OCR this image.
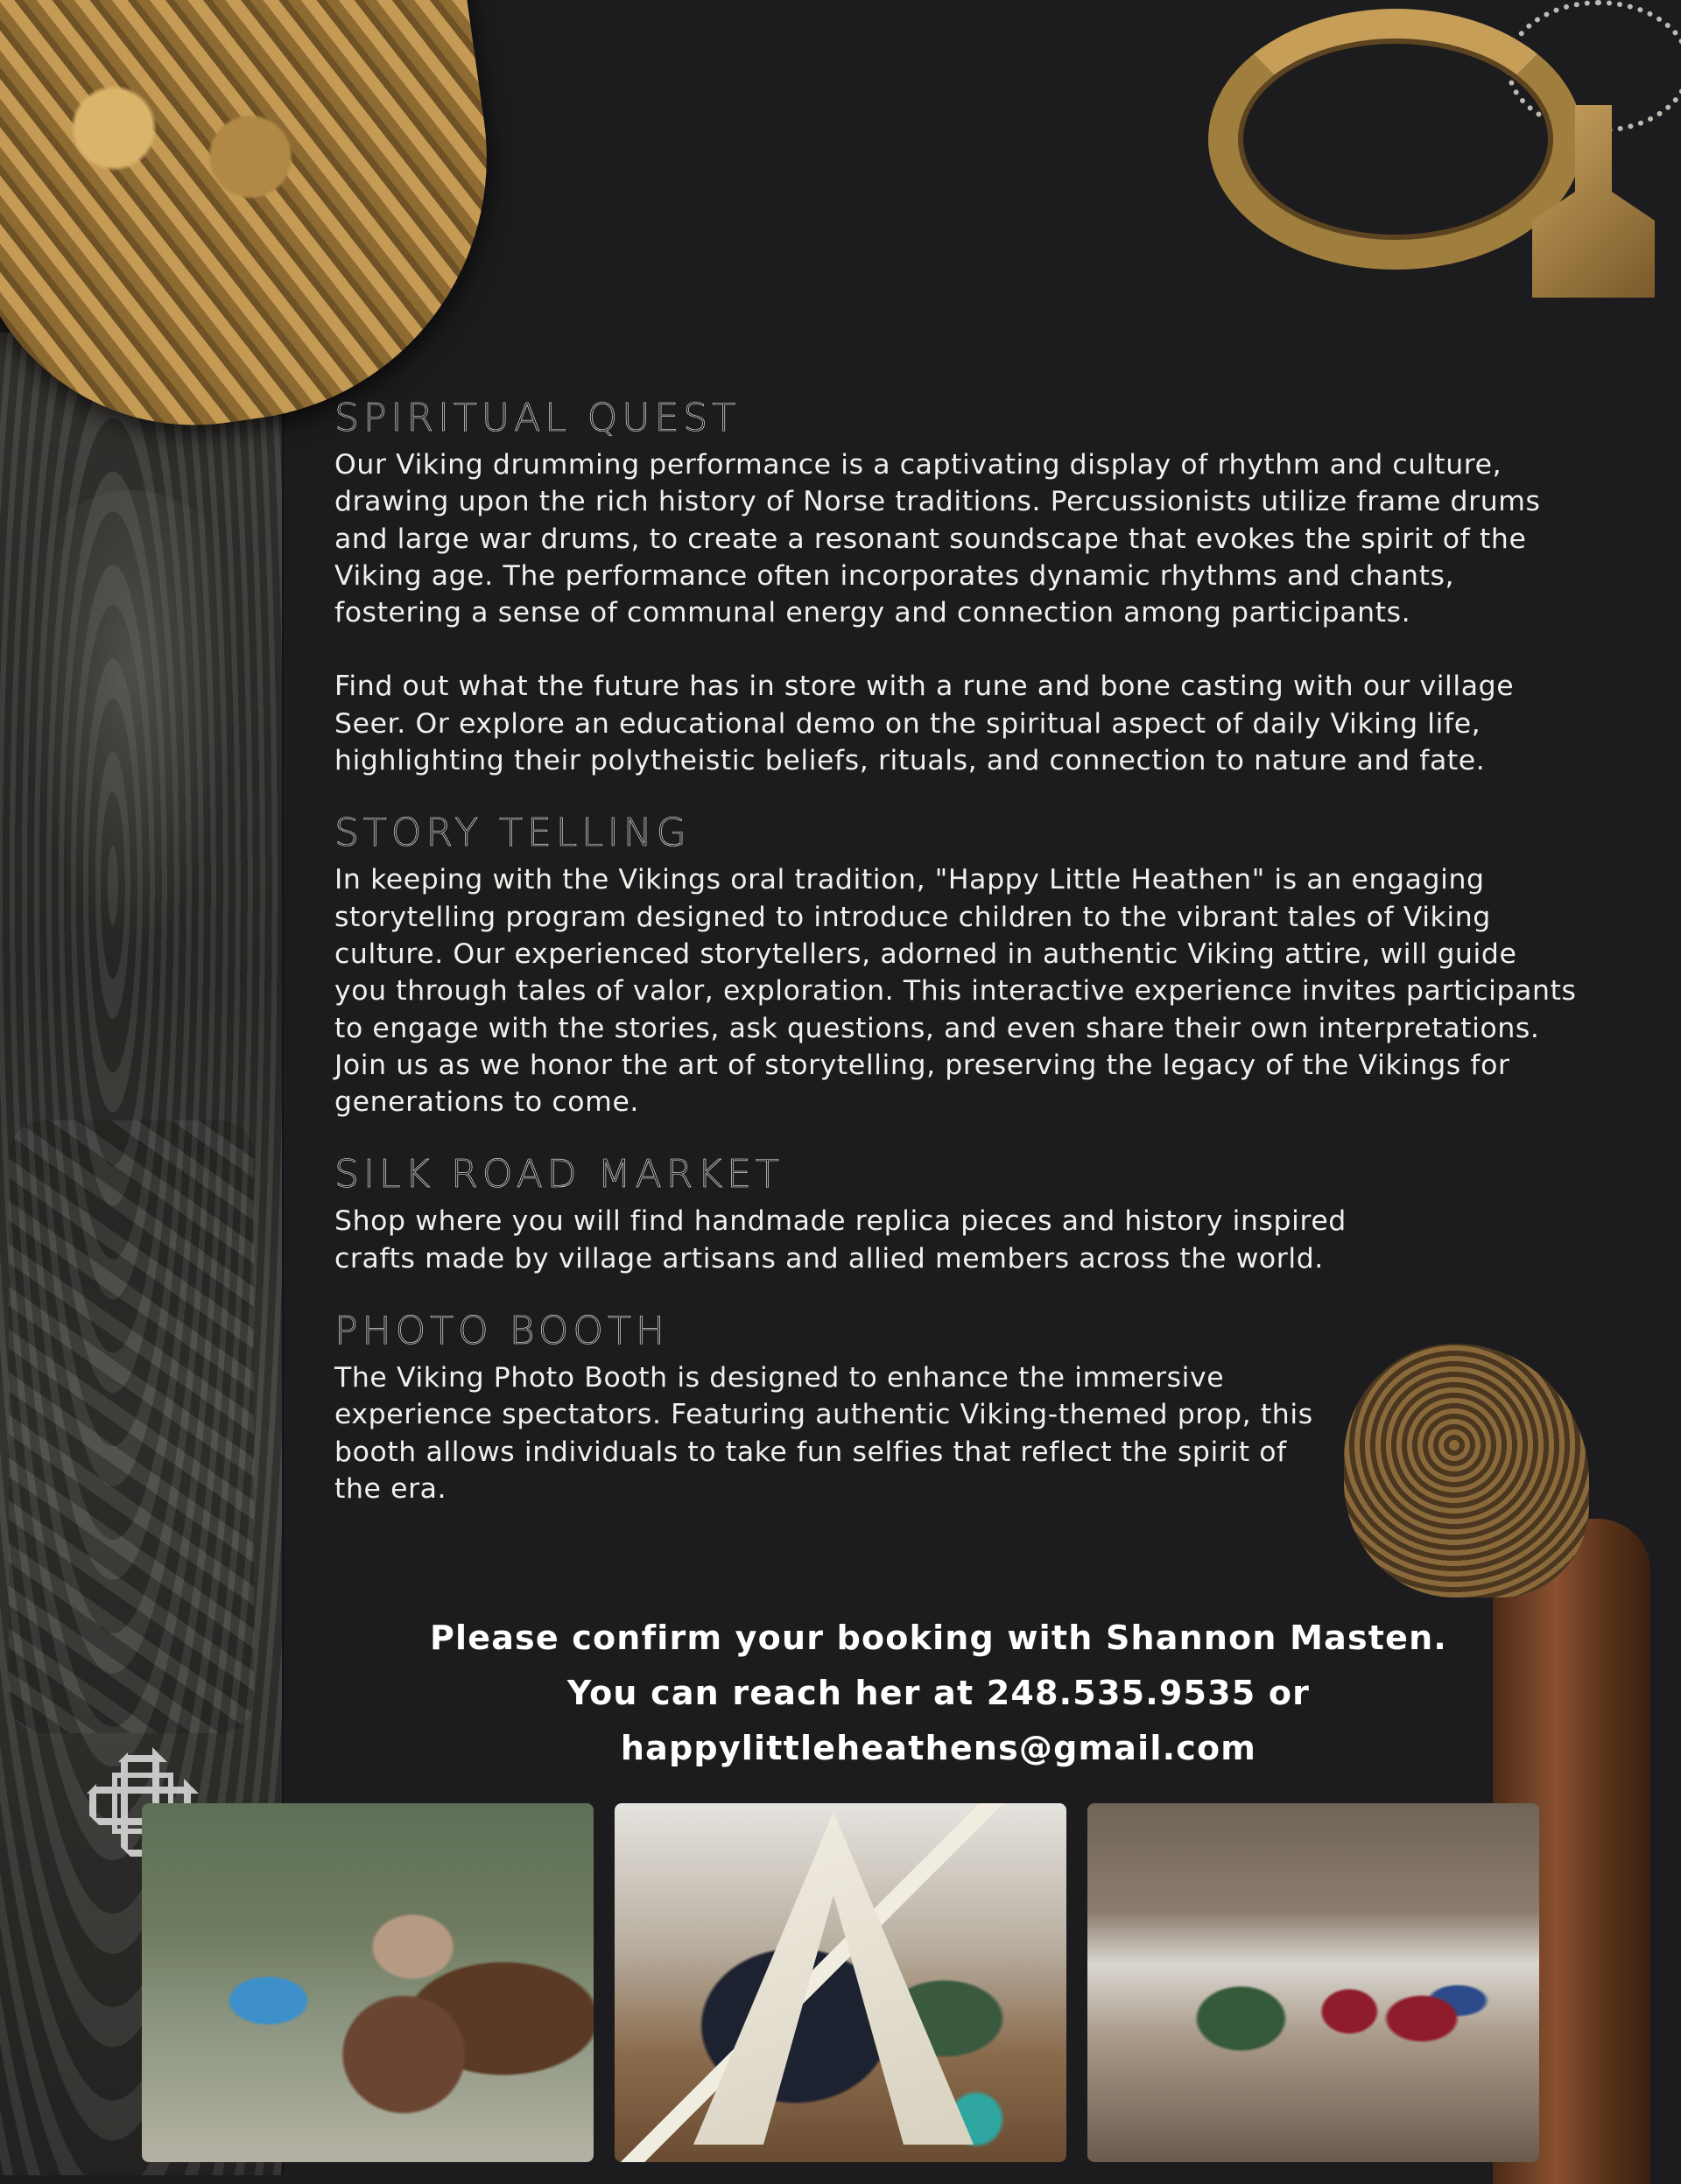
SPIRITUAL QUEST

Our Viking drumming performance is a captivating display of rhythm and culture, drawing upon the rich history of Norse traditions. Percussionists utilize frame drums and large war drums, to create a resonant soundscape that evokes the spirit of the Viking age. The performance often incorporates dynamic rhythms and chants, fostering a sense of communal energy and connection among participants.

Find out what the future has in store with a rune and bone casting with our village Seer. Or explore an educational demo on the spiritual aspect of daily Viking life, highlighting their polytheistic beliefs, rituals, and connection to nature and fate.

STORY TELLING

In keeping with the Vikings oral tradition, "Happy Little Heathen" is an engaging storytelling program designed to introduce children to the vibrant tales of Viking culture. Our experienced storytellers, adorned in authentic Viking attire, will guide you through tales of valor, exploration. This interactive experience invites participants to engage with the stories, ask questions, and even share their own interpretations. Join us as we honor the art of storytelling, preserving the legacy of the Vikings for generations to come.

SILK ROAD MARKET

Shop where you will find handmade replica pieces and history inspired crafts made by village artisans and allied members across the world.

PHOTO BOOTH

The Viking Photo Booth is designed to enhance the immersive experience spectators. Featuring authentic Viking-themed prop, this booth allows individuals to take fun selfies that reflect the spirit of the era.

Please confirm your booking with Shannon Masten.
You can reach her at 248.535.9535 or
happylittleheathens@gmail.com
